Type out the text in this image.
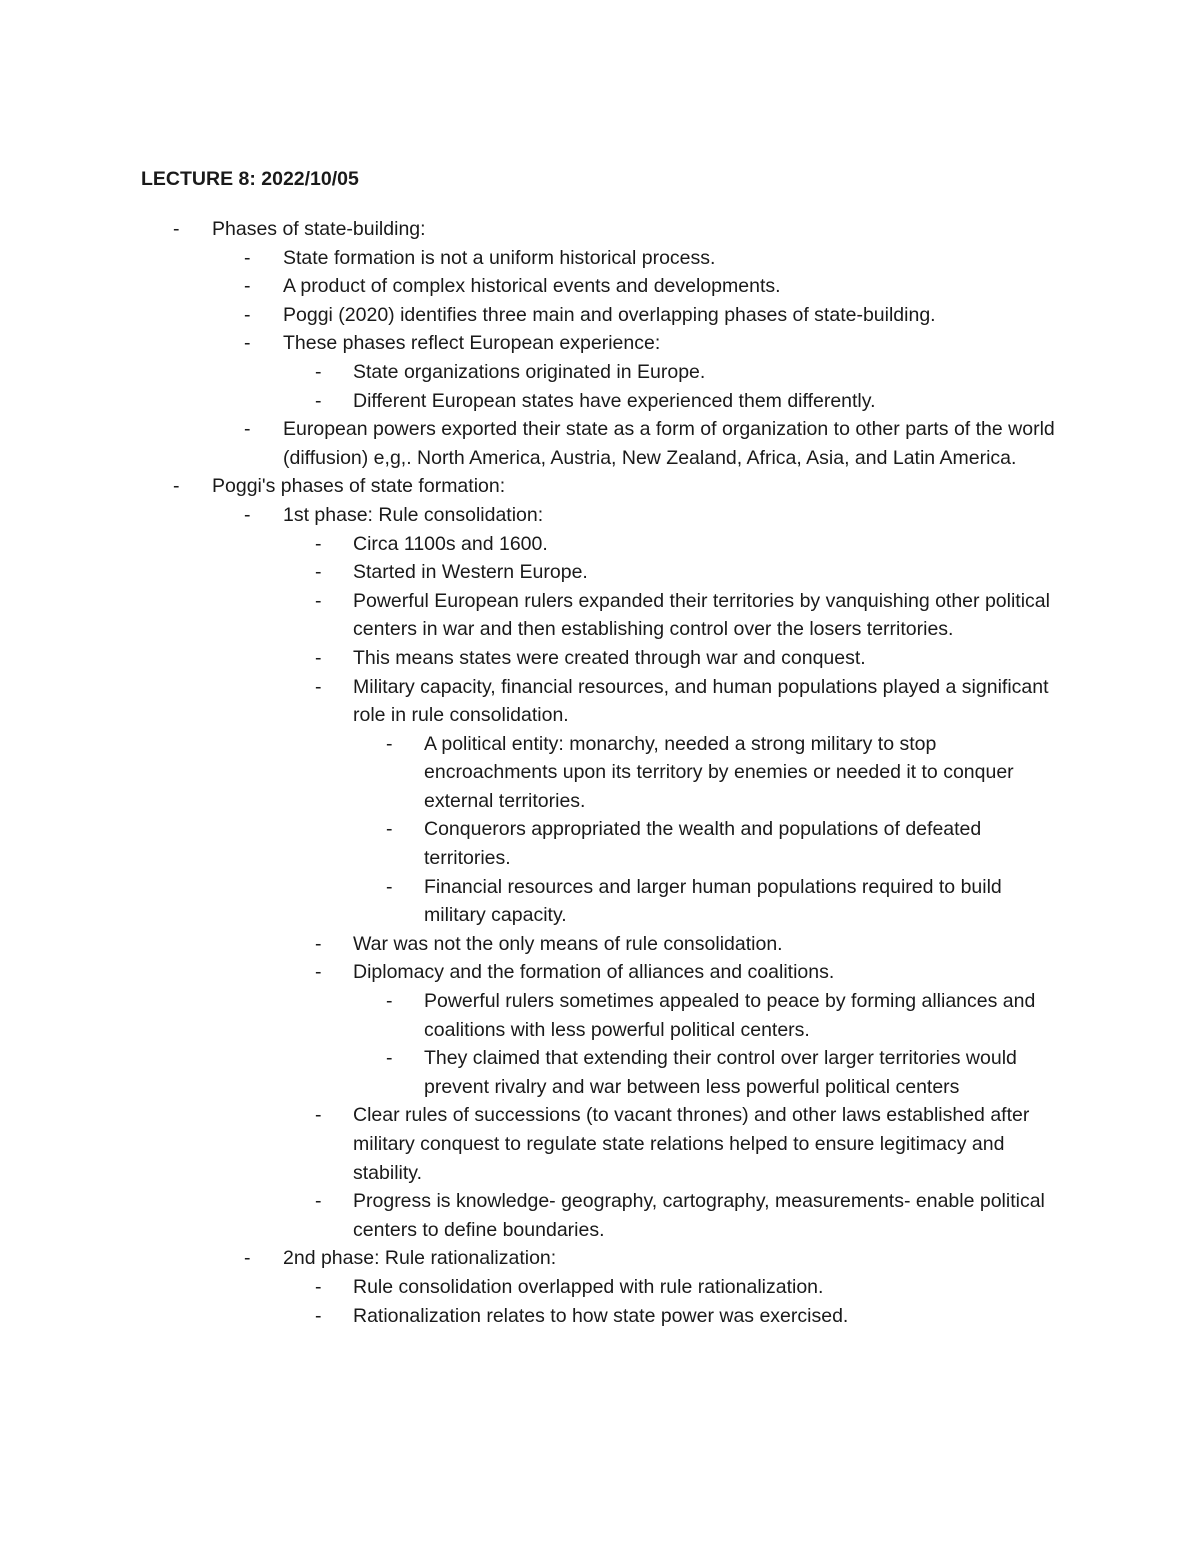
LECTURE 8: 2022/10/05
-	Phases of state-building:
-	State formation is not a uniform historical process.
-	A product of complex historical events and developments.
-	Poggi (2020) identifies three main and overlapping phases of state-building.
-	These phases reflect European experience:
-	State organizations originated in Europe.
-	Different European states have experienced them differently.
-	European powers exported their state as a form of organization to other parts of the world (diffusion) e,g,. North America, Austria, New Zealand, Africa, Asia, and Latin America.
-	Poggi's phases of state formation:
-	1st phase: Rule consolidation:
-	Circa 1100s and 1600.
-	Started in Western Europe.
-	Powerful European rulers expanded their territories by vanquishing other political centers in war and then establishing control over the losers territories.
-	This means states were created through war and conquest.
-	Military capacity, financial resources, and human populations played a significant role in rule consolidation.
-	A political entity: monarchy, needed a strong military to stop encroachments upon its territory by enemies or needed it to conquer external territories.
-	Conquerors appropriated the wealth and populations of defeated territories.
-	Financial resources and larger human populations required to build military capacity.
-	War was not the only means of rule consolidation.
-	Diplomacy and the formation of alliances and coalitions.
-	Powerful rulers sometimes appealed to peace by forming alliances and coalitions with less powerful political centers.
-	They claimed that extending their control over larger territories would prevent rivalry and war between less powerful political centers
-	Clear rules of successions (to vacant thrones) and other laws established after military conquest to regulate state relations helped to ensure legitimacy and stability.
-	Progress is knowledge- geography, cartography, measurements- enable political centers to define boundaries.
-	2nd phase: Rule rationalization:
-	Rule consolidation overlapped with rule rationalization.
-	Rationalization relates to how state power was exercised.
